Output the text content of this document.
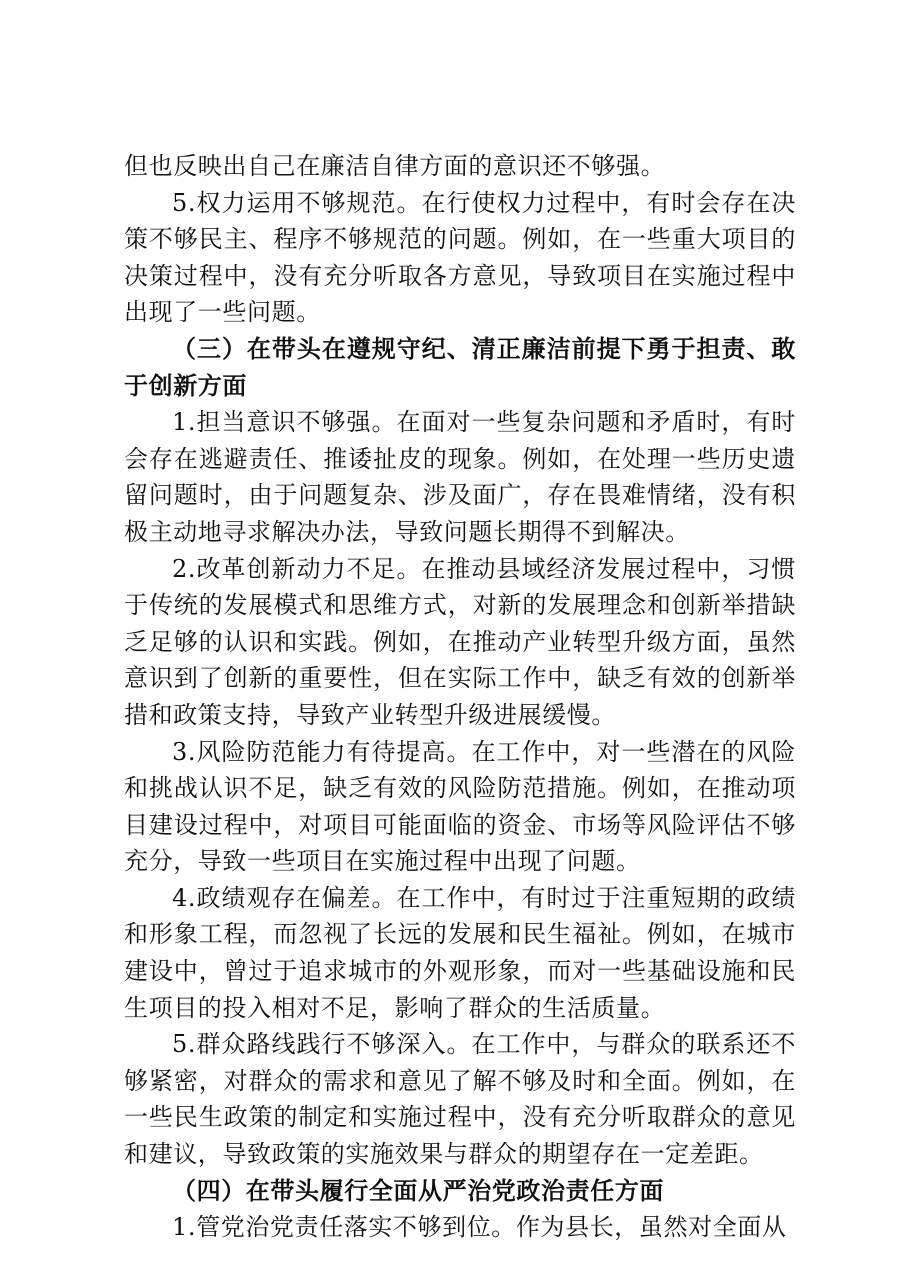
但也反映出自己在廉洁自律方面的意识还不够强。

5.权力运用不够规范。在行使权力过程中，有时会存在决策不够民主、程序不够规范的问题。例如，在一些重大项目的决策过程中，没有充分听取各方意见，导致项目在实施过程中出现了一些问题。

（三）在带头在遵规守纪、清正廉洁前提下勇于担责、敢于创新方面

1.担当意识不够强。在面对一些复杂问题和矛盾时，有时会存在逃避责任、推诿扯皮的现象。例如，在处理一些历史遗留问题时，由于问题复杂、涉及面广，存在畏难情绪，没有积极主动地寻求解决办法，导致问题长期得不到解决。

2.改革创新动力不足。在推动县域经济发展过程中，习惯于传统的发展模式和思维方式，对新的发展理念和创新举措缺乏足够的认识和实践。例如，在推动产业转型升级方面，虽然意识到了创新的重要性，但在实际工作中，缺乏有效的创新举措和政策支持，导致产业转型升级进展缓慢。

3.风险防范能力有待提高。在工作中，对一些潜在的风险和挑战认识不足，缺乏有效的风险防范措施。例如，在推动项目建设过程中，对项目可能面临的资金、市场等风险评估不够充分，导致一些项目在实施过程中出现了问题。

4.政绩观存在偏差。在工作中，有时过于注重短期的政绩和形象工程，而忽视了长远的发展和民生福祉。例如，在城市建设中，曾过于追求城市的外观形象，而对一些基础设施和民生项目的投入相对不足，影响了群众的生活质量。

5.群众路线践行不够深入。在工作中，与群众的联系还不够紧密，对群众的需求和意见了解不够及时和全面。例如，在一些民生政策的制定和实施过程中，没有充分听取群众的意见和建议，导致政策的实施效果与群众的期望存在一定差距。

（四）在带头履行全面从严治党政治责任方面

1.管党治党责任落实不够到位。作为县长，虽然对全面从
